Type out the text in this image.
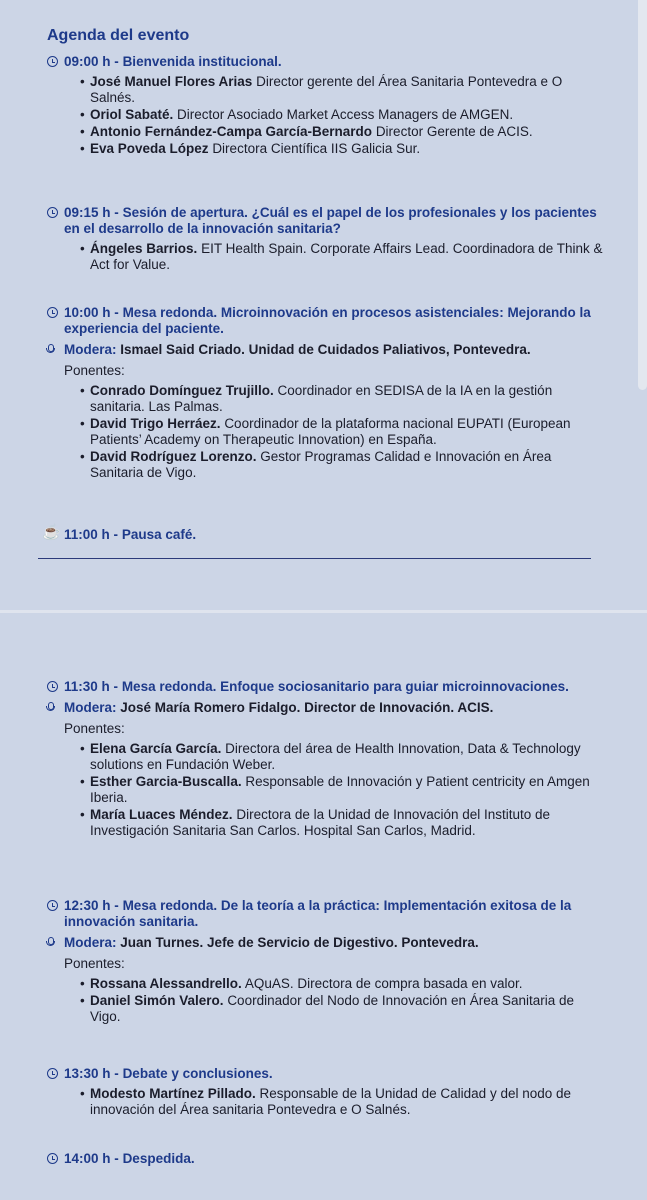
Agenda del evento
09:00 h - Bienvenida institucional.
• José Manuel Flores Arias Director gerente del Área Sanitaria Pontevedra e O Salnés.
• Oriol Sabaté. Director Asociado Market Access Managers de AMGEN.
• Antonio Fernández-Campa García-Bernardo Director Gerente de ACIS.
• Eva Poveda López Directora Científica IIS Galicia Sur.
09:15 h - Sesión de apertura. ¿Cuál es el papel de los profesionales y los pacientes en el desarrollo de la innovación sanitaria?
• Ángeles Barrios. EIT Health Spain. Corporate Affairs Lead. Coordinadora de Think & Act for Value.
10:00 h - Mesa redonda. Microinnovación en procesos asistenciales: Mejorando la experiencia del paciente.
Modera: Ismael Said Criado. Unidad de Cuidados Paliativos, Pontevedra.
Ponentes:
• Conrado Domínguez Trujillo. Coordinador en SEDISA de la IA en la gestión sanitaria. Las Palmas.
• David Trigo Herráez. Coordinador de la plataforma nacional EUPATI (European Patients’ Academy on Therapeutic Innovation) en España.
• David Rodríguez Lorenzo. Gestor Programas Calidad e Innovación en Área Sanitaria de Vigo.
☕ 11:00 h - Pausa café.
11:30 h - Mesa redonda. Enfoque sociosanitario para guiar microinnovaciones.
Modera: José María Romero Fidalgo. Director de Innovación. ACIS.
Ponentes:
• Elena García García. Directora del área de Health Innovation, Data & Technology solutions en Fundación Weber.
• Esther Garcia-Buscalla. Responsable de Innovación y Patient centricity en Amgen Iberia.
• María Luaces Méndez. Directora de la Unidad de Innovación del Instituto de Investigación Sanitaria San Carlos. Hospital San Carlos, Madrid.
12:30 h - Mesa redonda. De la teoría a la práctica: Implementación exitosa de la innovación sanitaria.
Modera: Juan Turnes. Jefe de Servicio de Digestivo. Pontevedra.
Ponentes:
• Rossana Alessandrello. AQuAS. Directora de compra basada en valor.
• Daniel Simón Valero. Coordinador del Nodo de Innovación en Área Sanitaria de Vigo.
13:30 h - Debate y conclusiones.
• Modesto Martínez Pillado. Responsable de la Unidad de Calidad y del nodo de innovación del Área sanitaria Pontevedra e O Salnés.
14:00 h - Despedida.
